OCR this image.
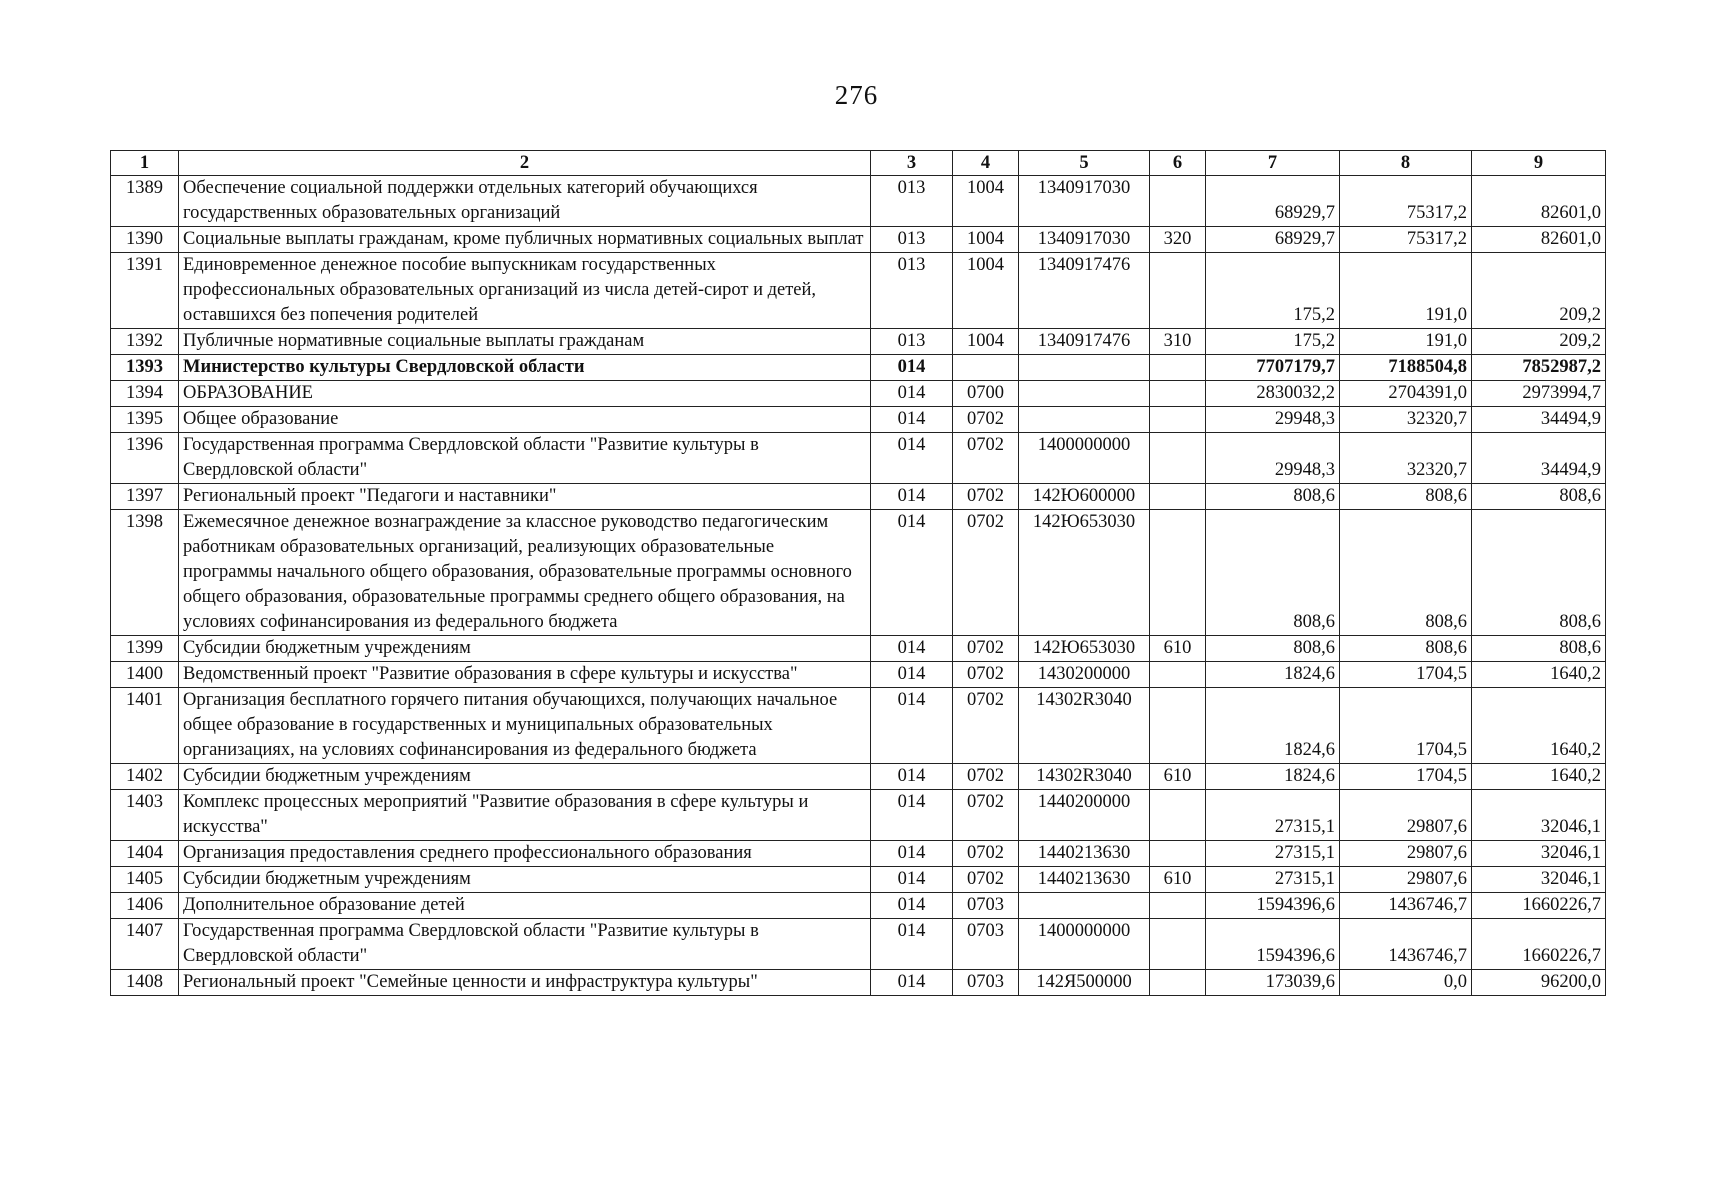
276
1	2	3	4	5	6	7	8	9
1389	Обеспечение социальной поддержки отдельных категорий обучающихся государственных образовательных организаций	013	1004	1340917030		68929,7	75317,2	82601,0
1390	Социальные выплаты гражданам, кроме публичных нормативных социальных выплат	013	1004	1340917030	320	68929,7	75317,2	82601,0
1391	Единовременное денежное пособие выпускникам государственных профессиональных образовательных организаций из числа детей-сирот и детей, оставшихся без попечения родителей	013	1004	1340917476		175,2	191,0	209,2
1392	Публичные нормативные социальные выплаты гражданам	013	1004	1340917476	310	175,2	191,0	209,2
1393	Министерство культуры Свердловской области	014				7707179,7	7188504,8	7852987,2
1394	ОБРАЗОВАНИЕ	014	0700			2830032,2	2704391,0	2973994,7
1395	Общее образование	014	0702			29948,3	32320,7	34494,9
1396	Государственная программа Свердловской области "Развитие культуры в Свердловской области"	014	0702	1400000000		29948,3	32320,7	34494,9
1397	Региональный проект "Педагоги и наставники"	014	0702	142Ю600000		808,6	808,6	808,6
1398	Ежемесячное денежное вознаграждение за классное руководство педагогическим работникам образовательных организаций, реализующих образовательные программы начального общего образования, образовательные программы основного общего образования, образовательные программы среднего общего образования, на условиях софинансирования из федерального бюджета	014	0702	142Ю653030		808,6	808,6	808,6
1399	Субсидии бюджетным учреждениям	014	0702	142Ю653030	610	808,6	808,6	808,6
1400	Ведомственный проект "Развитие образования в сфере культуры и искусства"	014	0702	1430200000		1824,6	1704,5	1640,2
1401	Организация бесплатного горячего питания обучающихся, получающих начальное общее образование в государственных и муниципальных образовательных организациях, на условиях софинансирования из федерального бюджета	014	0702	14302R3040		1824,6	1704,5	1640,2
1402	Субсидии бюджетным учреждениям	014	0702	14302R3040	610	1824,6	1704,5	1640,2
1403	Комплекс процессных мероприятий "Развитие образования в сфере культуры и искусства"	014	0702	1440200000		27315,1	29807,6	32046,1
1404	Организация предоставления среднего профессионального образования	014	0702	1440213630		27315,1	29807,6	32046,1
1405	Субсидии бюджетным учреждениям	014	0702	1440213630	610	27315,1	29807,6	32046,1
1406	Дополнительное образование детей	014	0703			1594396,6	1436746,7	1660226,7
1407	Государственная программа Свердловской области "Развитие культуры в Свердловской области"	014	0703	1400000000		1594396,6	1436746,7	1660226,7
1408	Региональный проект "Семейные ценности и инфраструктура культуры"	014	0703	142Я500000		173039,6	0,0	96200,0
